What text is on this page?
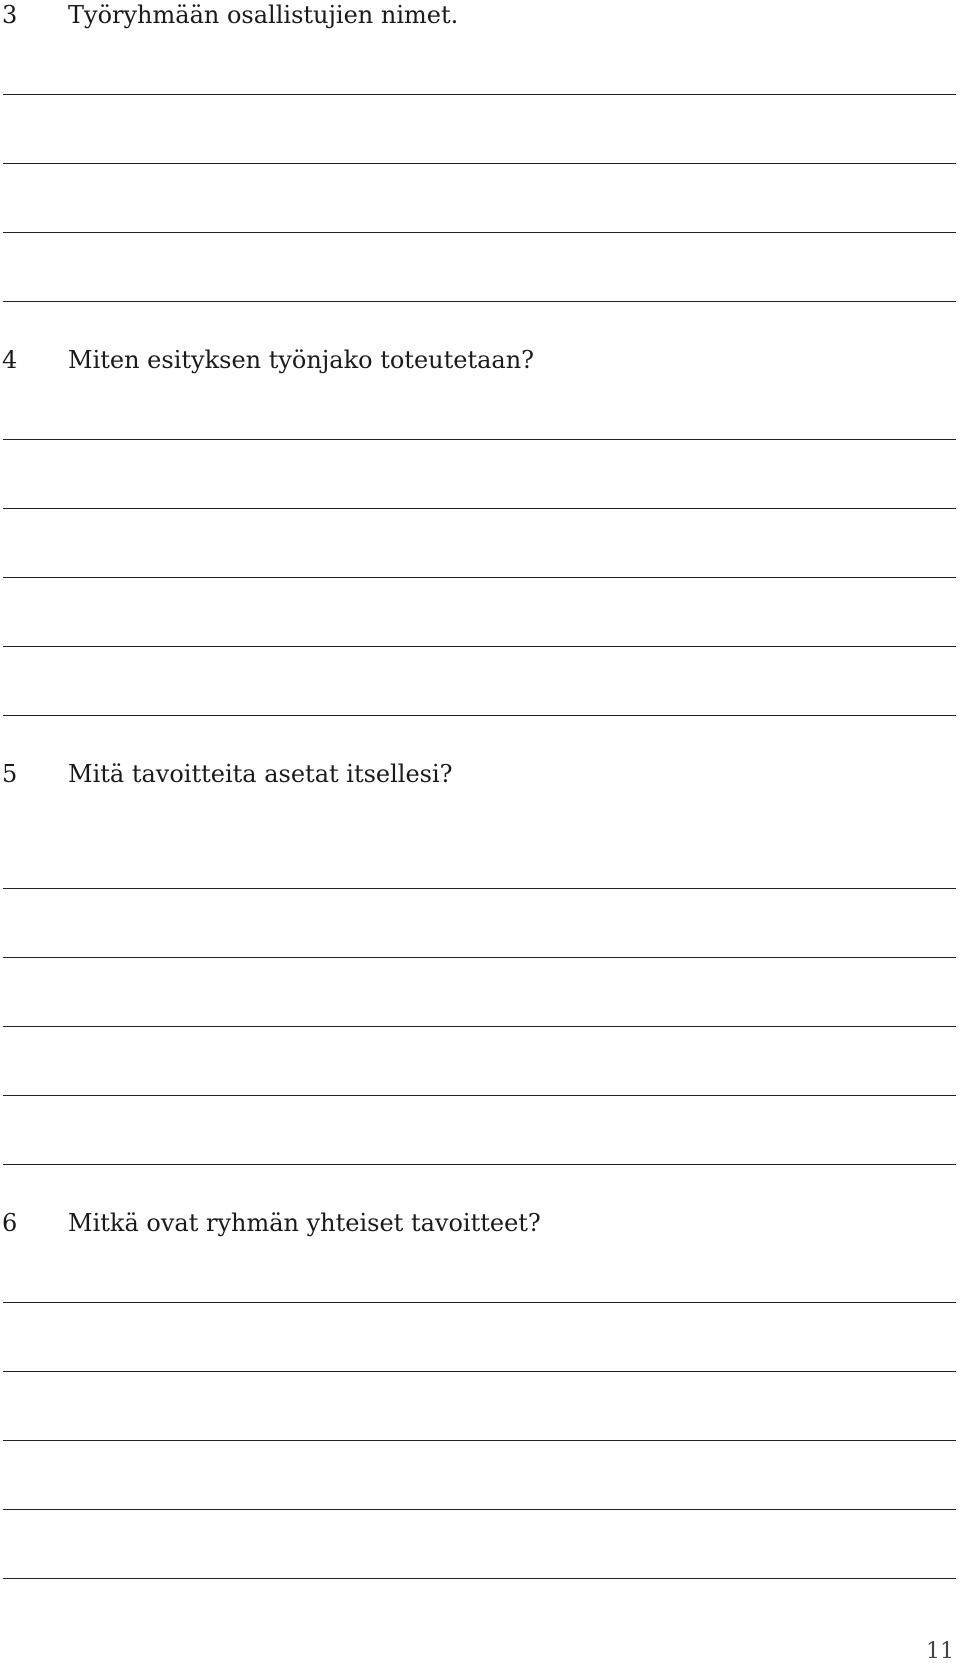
3 Työryhmään osallistujien nimet.
4 Miten esityksen työnjako toteutetaan?
5 Mitä tavoitteita asetat itsellesi?
6 Mitkä ovat ryhmän yhteiset tavoitteet?
11
